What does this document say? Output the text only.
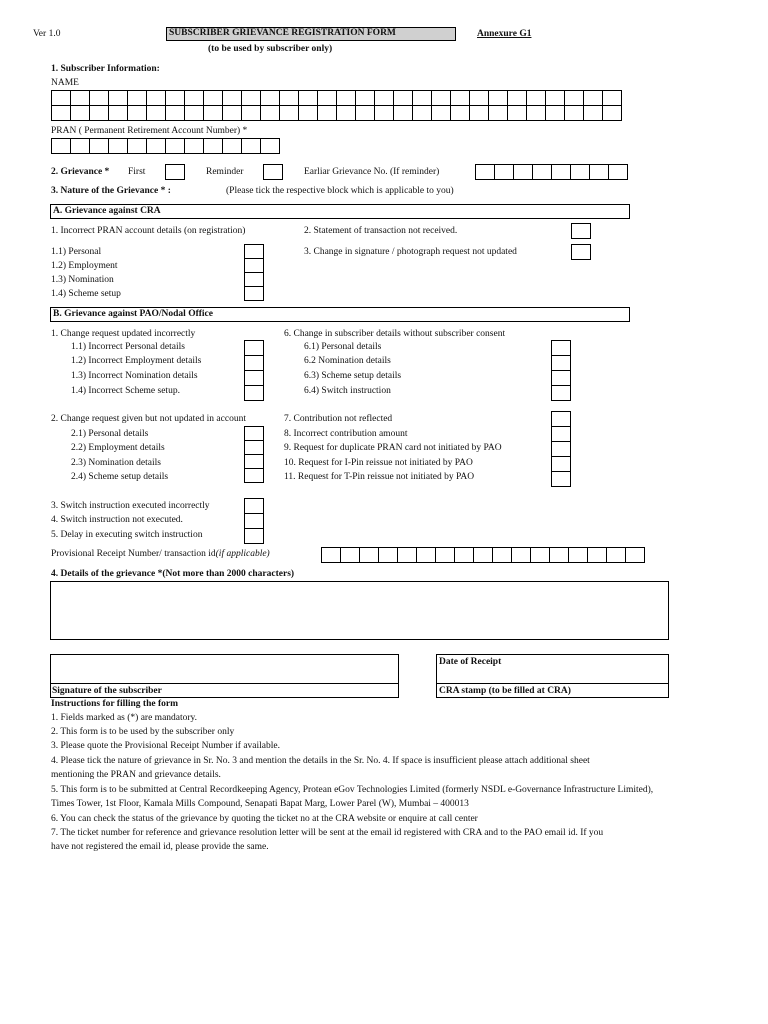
Ver 1.0	SUBSCRIBER GRIEVANCE REGISTRATION FORM	Annexure G1
(to be used by subscriber only)
1. Subscriber Information:
NAME
PRAN ( Permanent Retirement Account Number) *
2. Grievance * First	Reminder	Earliar Grievance No. (If reminder)
3. Nature of the Grievance * :	(Please tick the respective block which is applicable to you)
A. Grievance against CRA
1. Incorrect PRAN account details (on registration)
1.1) Personal
1.2) Employment
1.3) Nomination
1.4) Scheme setup
2. Statement of transaction not received.
3. Change in signature / photograph request not updated
B. Grievance against PAO/Nodal Office
1. Change request updated incorrectly
1.1) Incorrect Personal details
1.2) Incorrect Employment details
1.3) Incorrect Nomination details
1.4) Incorrect Scheme setup.
6. Change in subscriber details without subscriber consent
6.1) Personal details
6.2 Nomination details
6.3) Scheme setup details
6.4) Switch instruction
2. Change request given but not updated in account
2.1) Personal details
2.2) Employment details
2.3) Nomination details
2.4) Scheme setup details
7. Contribution not reflected
8. Incorrect contribution amount
9. Request for duplicate PRAN card not initiated by PAO
10. Request for I-Pin reissue not initiated by PAO
11. Request for T-Pin reissue not initiated by PAO
3. Switch instruction executed incorrectly
4. Switch instruction not executed.
5. Delay in executing switch instruction
Provisional Receipt Number/ transaction id(if applicable)
4. Details of the grievance *(Not more than 2000 characters)
Signature of the subscriber
Date of Receipt
CRA stamp (to be filled at CRA)
Instructions for filling the form
1. Fields marked as (*) are mandatory.
2. This form is to be used by the subscriber only
3. Please quote the Provisional Receipt Number if available.
4. Please tick the nature of grievance in Sr. No. 3 and mention the details in the Sr. No. 4. If space is insufficient please attach additional sheet
mentioning the PRAN and grievance details.
5. This form is to be submitted at Central Recordkeeping Agency, Protean eGov Technologies Limited (formerly NSDL e-Governance Infrastructure Limited),
Times Tower, 1st Floor, Kamala Mills Compound, Senapati Bapat Marg, Lower Parel (W), Mumbai – 400013
6. You can check the status of the grievance by quoting the ticket no at the CRA website or enquire at call center
7. The ticket number for reference and grievance resolution letter will be sent at the email id registered with CRA and to the PAO email id. If you
have not registered the email id, please provide the same.
